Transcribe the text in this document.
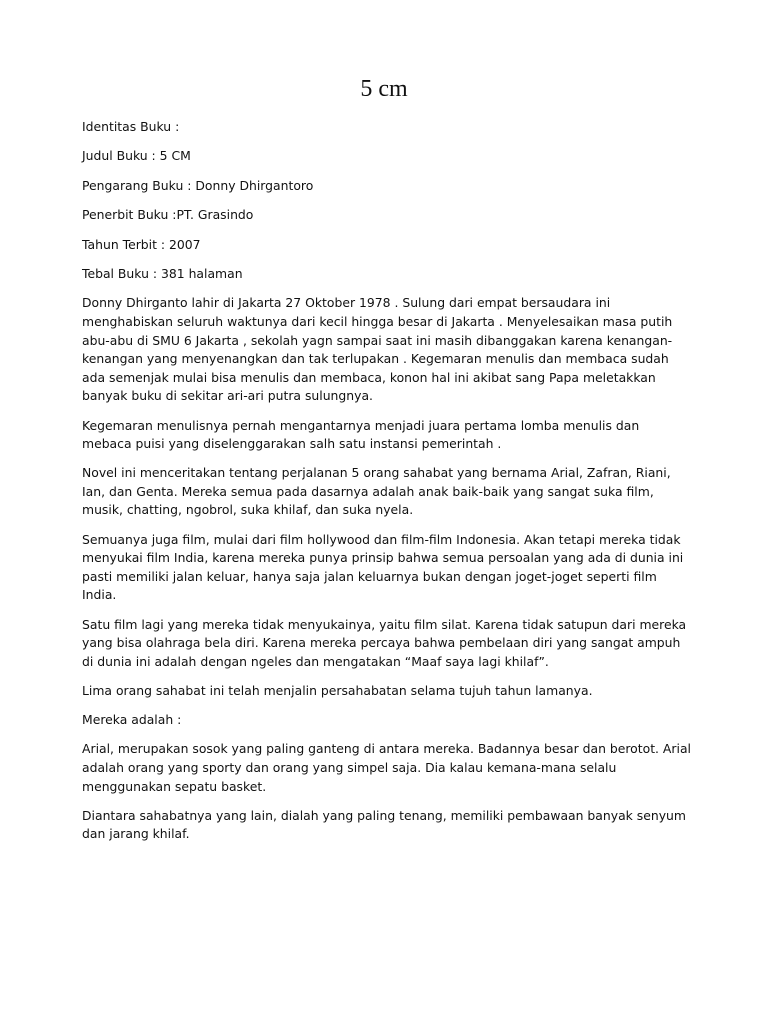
5 cm

Identitas Buku :

Judul Buku : 5 CM

Pengarang Buku : Donny Dhirgantoro

Penerbit Buku :PT. Grasindo

Tahun Terbit : 2007

Tebal Buku : 381 halaman

Donny Dhirganto lahir di Jakarta 27 Oktober 1978 . Sulung dari empat bersaudara ini menghabiskan seluruh waktunya dari kecil hingga besar di Jakarta . Menyelesaikan masa putih abu-abu di SMU 6 Jakarta , sekolah yagn sampai saat ini masih dibanggakan karena kenangan-kenangan yang menyenangkan dan tak terlupakan . Kegemaran menulis dan membaca sudah ada semenjak mulai bisa menulis dan membaca, konon hal ini akibat sang Papa meletakkan banyak buku di sekitar ari-ari putra sulungnya.

Kegemaran menulisnya pernah mengantarnya menjadi juara pertama lomba menulis dan mebaca puisi yang diselenggarakan salh satu instansi pemerintah .

Novel ini menceritakan tentang perjalanan 5 orang sahabat yang bernama Arial, Zafran, Riani, Ian, dan Genta. Mereka semua pada dasarnya adalah anak baik-baik yang sangat suka film, musik, chatting, ngobrol, suka khilaf, dan suka nyela.

Semuanya juga film, mulai dari film hollywood dan film-film Indonesia. Akan tetapi mereka tidak menyukai film India, karena mereka punya prinsip bahwa semua persoalan yang ada di dunia ini pasti memiliki jalan keluar, hanya saja jalan keluarnya bukan dengan joget-joget seperti film India.

Satu film lagi yang mereka tidak menyukainya, yaitu film silat. Karena tidak satupun dari mereka yang bisa olahraga bela diri. Karena mereka percaya bahwa pembelaan diri yang sangat ampuh di dunia ini adalah dengan ngeles dan mengatakan “Maaf saya lagi khilaf”.

Lima orang sahabat ini telah menjalin persahabatan selama tujuh tahun lamanya.

Mereka adalah :

Arial, merupakan sosok yang paling ganteng di antara mereka. Badannya besar dan berotot. Arial adalah orang yang sporty dan orang yang simpel saja. Dia kalau kemana-mana selalu menggunakan sepatu basket.

Diantara sahabatnya yang lain, dialah yang paling tenang, memiliki pembawaan banyak senyum dan jarang khilaf.
